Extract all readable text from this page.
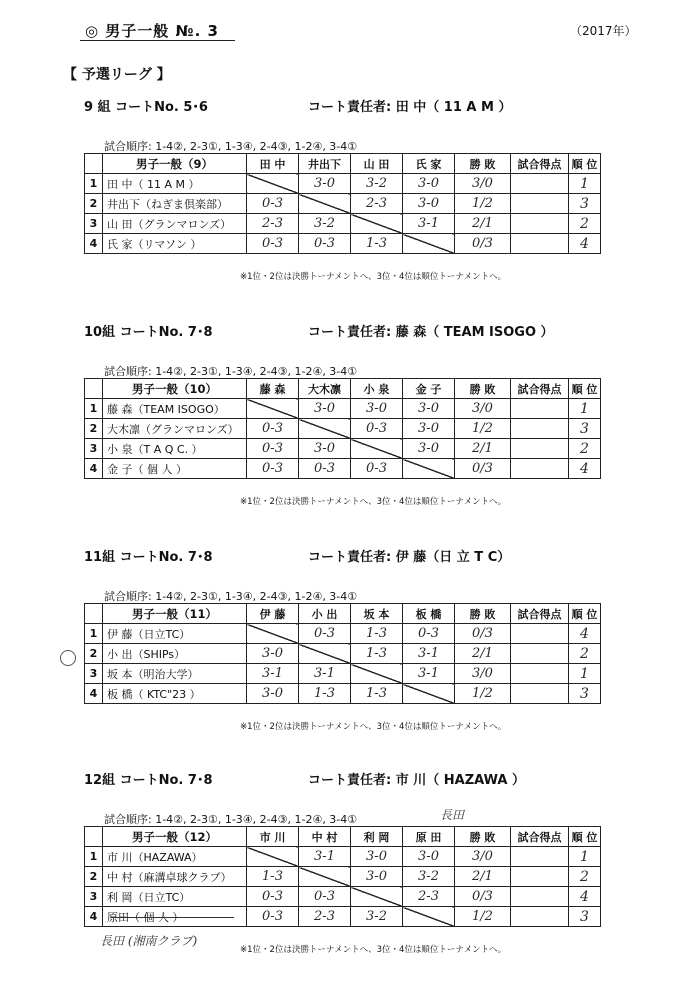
◎ 男子一般 №. 3	（2017年）
【 予選リーグ 】
9 組 コートNo. 5･6	コート責任者: 田 中（ 11 A M ）
試合順序: 1-4②, 2-3①, 1-3④, 2-4③, 1-2④, 3-4①
	男子一般（9）	田 中	井出下	山 田	氏 家	勝 敗	試合得点	順 位
1	田 中（ 11 A M ）		3-0	3-2	3-0	3/0		1
2	井出下（ねぎま倶楽部）	0-3		2-3	3-0	1/2		3
3	山 田（グランマロンズ）	2-3	3-2		3-1	2/1		2
4	氏 家（リマソン ）	0-3	0-3	1-3		0/3		4
※1位・2位は決勝トーナメントへ、3位・4位は順位トーナメントへ。
10組 コートNo. 7･8	コート責任者: 藤 森（ TEAM ISOGO ）
試合順序: 1-4②, 2-3①, 1-3④, 2-4③, 1-2④, 3-4①
	男子一般（10）	藤 森	大木凛	小 泉	金 子	勝 敗	試合得点	順 位
1	藤 森（TEAM ISOGO）		3-0	3-0	3-0	3/0		1
2	大木凛（グランマロンズ）	0-3		0-3	3-0	1/2		3
3	小 泉（T A Q C. ）	0-3	3-0		3-0	2/1		2
4	金 子（ 個 人 ）	0-3	0-3	0-3		0/3		4
※1位・2位は決勝トーナメントへ、3位・4位は順位トーナメントへ。
11組 コートNo. 7･8	コート責任者: 伊 藤（日 立 T C）
試合順序: 1-4②, 2-3①, 1-3④, 2-4③, 1-2④, 3-4①
	男子一般（11）	伊 藤	小 出	坂 本	板 橋	勝 敗	試合得点	順 位
1	伊 藤（日立TC）		0-3	1-3	0-3	0/3		4
2	小 出（SHIPs）	3-0		1-3	3-1	2/1		2
3	坂 本（明治大学）	3-1	3-1		3-1	3/0		1
4	板 橋（ KTC"23 ）	3-0	1-3	1-3		1/2		3
※1位・2位は決勝トーナメントへ、3位・4位は順位トーナメントへ。
12組 コートNo. 7･8	コート責任者: 市 川（ HAZAWA ）
試合順序: 1-4②, 2-3①, 1-3④, 2-4③, 1-2④, 3-4①
	男子一般（12）	市 川	中 村	利 岡	原 田	勝 敗	試合得点	順 位
1	市 川（HAZAWA）		3-1	3-0	3-0	3/0		1
2	中 村（麻溝卓球クラブ）	1-3		3-0	3-2	2/1		2
3	利 岡（日立TC）	0-3	0-3		2-3	0/3		4
4	原田（ 個 人 ）	0-3	2-3	3-2		1/2		3
※1位・2位は決勝トーナメントへ、3位・4位は順位トーナメントへ。
長田
長田 (湘南クラブ)
